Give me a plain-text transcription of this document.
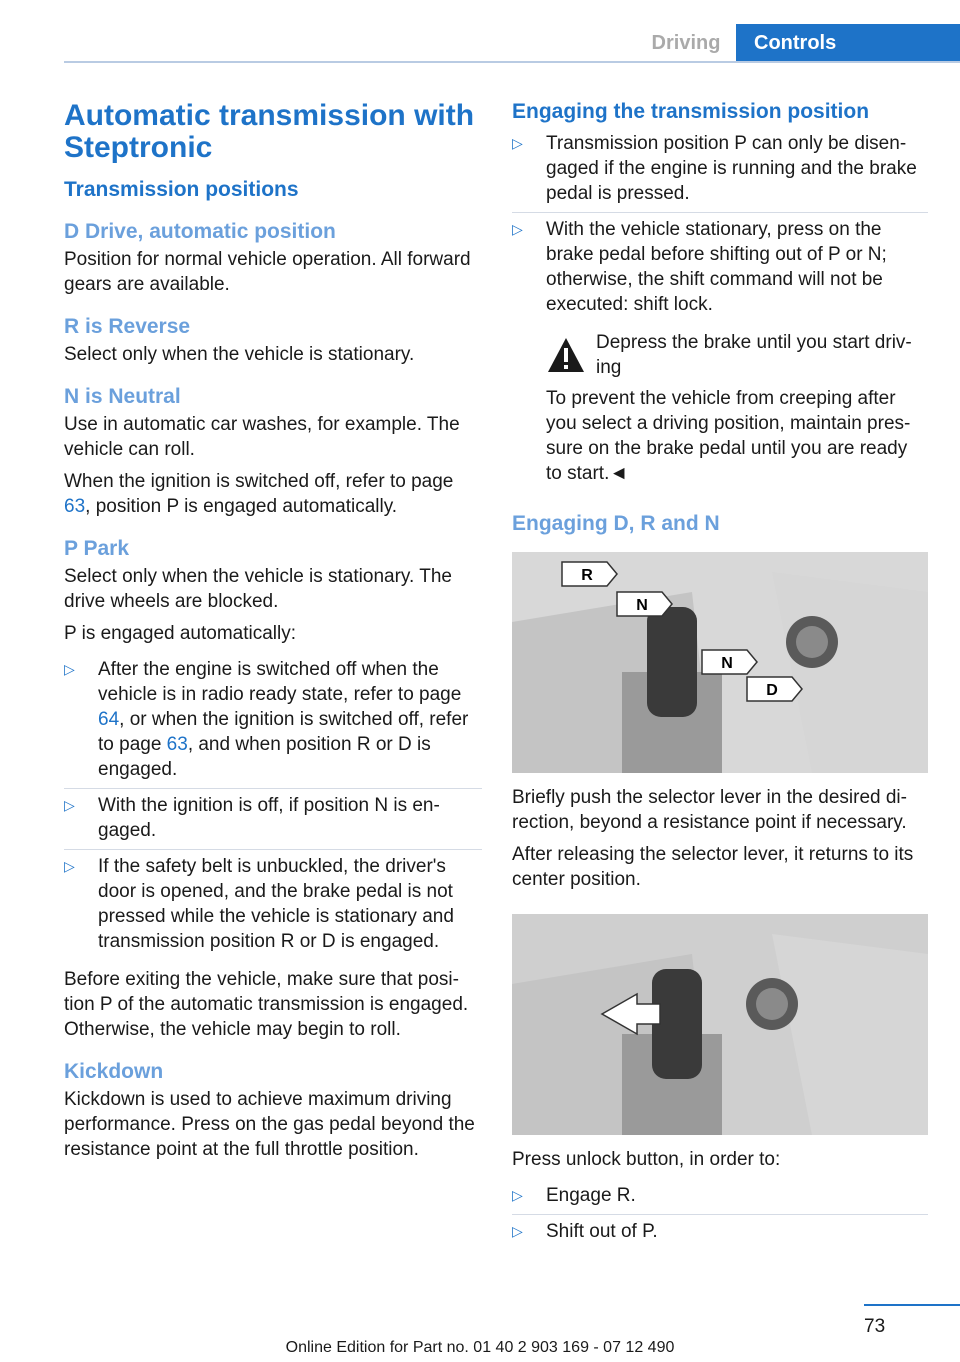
Driving	Controls
Automatic transmission with Steptronic
Transmission positions
D Drive, automatic position

Position for normal vehicle operation. All forward gears are available.

R is Reverse

Select only when the vehicle is stationary.

N is Neutral

Use in automatic car washes, for example. The vehicle can roll.

When the ignition is switched off, refer to page 63, position P is engaged automatically.

P Park

Select only when the vehicle is stationary. The drive wheels are blocked.

P is engaged automatically:

▷	After the engine is switched off when the vehicle is in radio ready state, refer to page 64, or when the ignition is switched off, refer to page 63, and when position R or D is engaged.
▷	With the ignition is off, if position N is engaged.
▷	If the safety belt is unbuckled, the driver's door is opened, and the brake pedal is not pressed while the vehicle is stationary and transmission position R or D is engaged.

Before exiting the vehicle, make sure that position P of the automatic transmission is engaged. Otherwise, the vehicle may begin to roll.

Kickdown

Kickdown is used to achieve maximum driving performance. Press on the gas pedal beyond the resistance point at the full throttle position.

Engaging the transmission position
▷	Transmission position P can only be disengaged if the engine is running and the brake pedal is pressed.
▷	With the vehicle stationary, press on the brake pedal before shifting out of P or N; otherwise, the shift command will not be executed: shift lock.
Depress the brake until you start driving

To prevent the vehicle from creeping after you select a driving position, maintain pressure on the brake pedal until you are ready to start.◄

Engaging D, R and N
R
N
N
D

Briefly push the selector lever in the desired direction, beyond a resistance point if necessary.

After releasing the selector lever, it returns to its center position.

Press unlock button, in order to:

▷	Engage R.
▷	Shift out of P.
73
Online Edition for Part no. 01 40 2 903 169 - 07 12 490
